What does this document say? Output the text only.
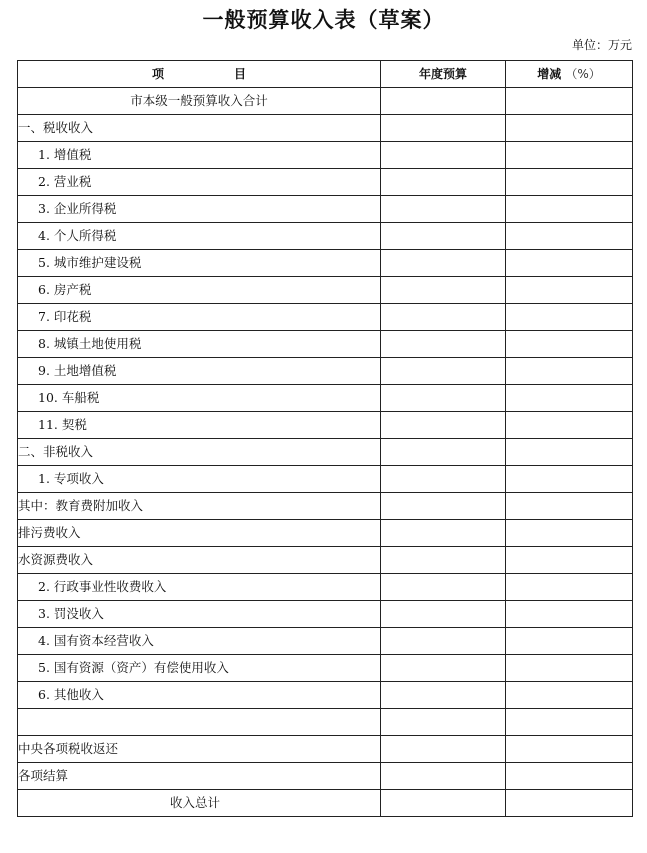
一般预算收入表（草案）
单位：万元
项 目	年度预算	增减 （%）
市本级一般预算收入合计		
一、税收收入		
1. 增值税		
2. 营业税		
3. 企业所得税		
4. 个人所得税		
5. 城市维护建设税		
6. 房产税		
7. 印花税		
8. 城镇土地使用税		
9. 土地增值税		
10. 车船税		
11. 契税		
二、非税收入		
1. 专项收入		
其中：教育费附加收入		
排污费收入		
水资源费收入		
2. 行政事业性收费收入		
3. 罚没收入		
4. 国有资本经营收入		
5. 国有资源（资产）有偿使用收入		
6. 其他收入		

中央各项税收返还		
各项结算		
收入总计		
